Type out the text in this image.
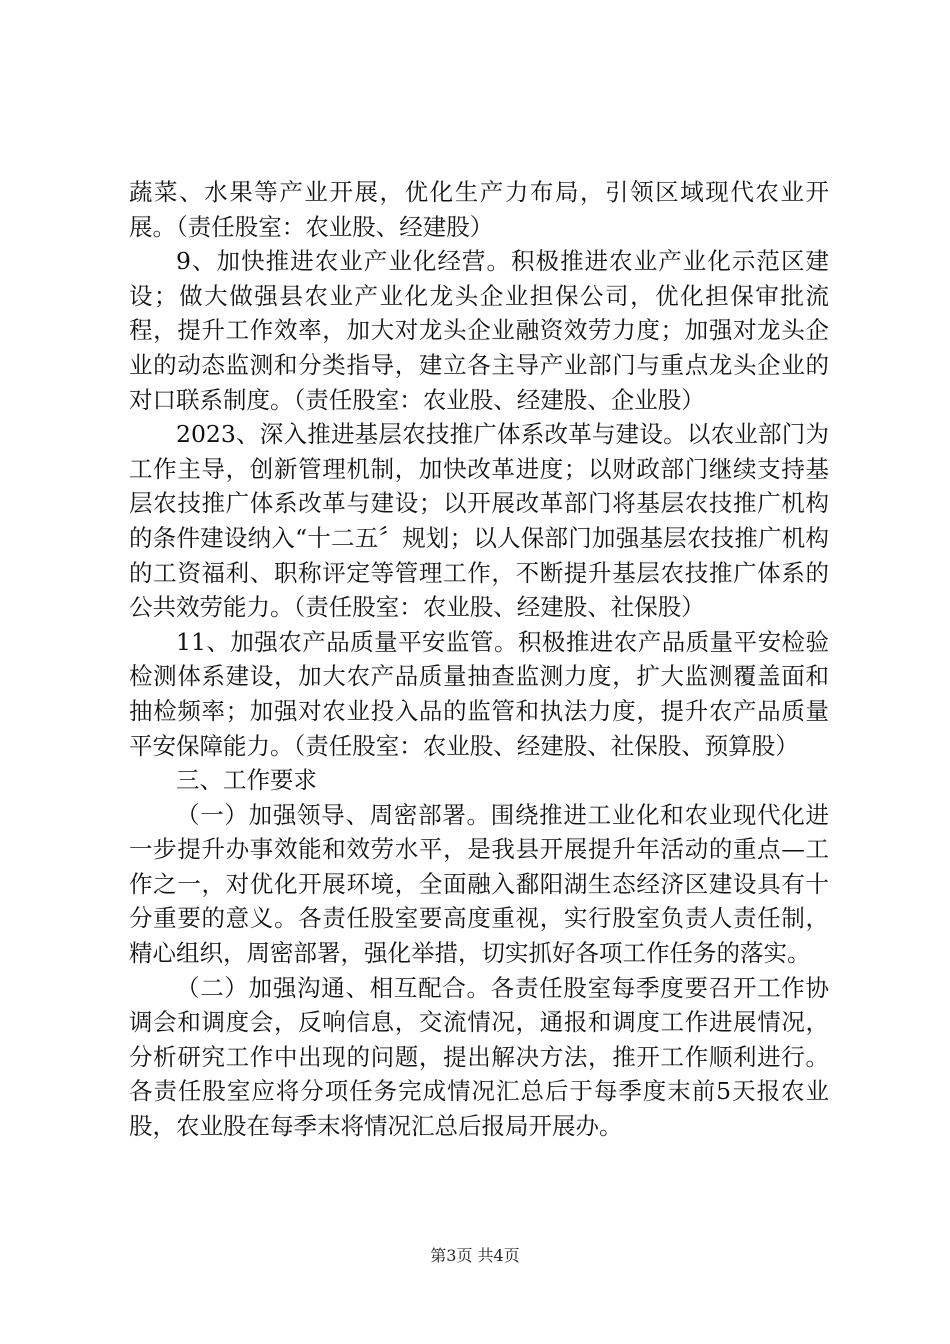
蔬菜、水果等产业开展，优化生产力布局，引领区域现代农业开展。（责任股室：农业股、经建股）

9、加快推进农业产业化经营。积极推进农业产业化示范区建设；做大做强县农业产业化龙头企业担保公司，优化担保审批流程，提升工作效率，加大对龙头企业融资效劳力度；加强对龙头企业的动态监测和分类指导，建立各主导产业部门与重点龙头企业的对口联系制度。（责任股室：农业股、经建股、企业股）

2023、深入推进基层农技推广体系改革与建设。以农业部门为工作主导，创新管理机制，加快改革进度；以财政部门继续支持基层农技推广体系改革与建设；以开展改革部门将基层农技推广机构的条件建设纳入“十二五〞规划；以人保部门加强基层农技推广机构的工资福利、职称评定等管理工作，不断提升基层农技推广体系的公共效劳能力。（责任股室：农业股、经建股、社保股）

11、加强农产品质量平安监管。积极推进农产品质量平安检验检测体系建设，加大农产品质量抽查监测力度，扩大监测覆盖面和抽检频率；加强对农业投入品的监管和执法力度，提升农产品质量平安保障能力。（责任股室：农业股、经建股、社保股、预算股）

三、工作要求

（一）加强领导、周密部署。围绕推进工业化和农业现代化进一步提升办事效能和效劳水平，是我县开展提升年活动的重点—工作之一，对优化开展环境，全面融入鄱阳湖生态经济区建设具有十分重要的意义。各责任股室要高度重视，实行股室负责人责任制，精心组织，周密部署，强化举措，切实抓好各项工作任务的落实。

（二）加强沟通、相互配合。各责任股室每季度要召开工作协调会和调度会，反响信息，交流情况，通报和调度工作进展情况，分析研究工作中出现的问题，提出解决方法，推开工作顺利进行。各责任股室应将分项任务完成情况汇总后于每季度末前5天报农业股，农业股在每季末将情况汇总后报局开展办。

第3页 共4页
